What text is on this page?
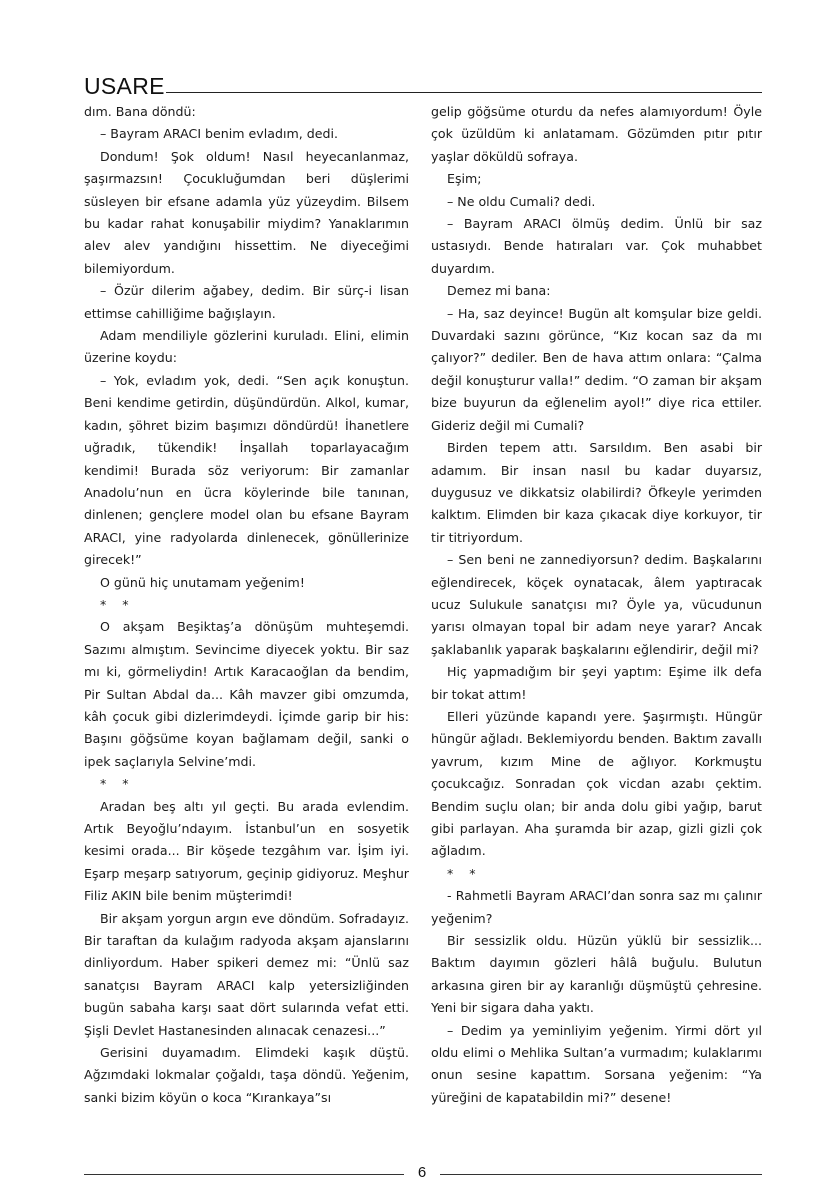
USARE

dım. Bana döndü:

– Bayram ARACI benim evladım, dedi.

Dondum! Şok oldum! Nasıl heyecanlanmaz, şaşırmazsın! Çocukluğumdan beri düşlerimi süsleyen bir efsane adamla yüz yüzeydim. Bilsem bu kadar rahat konuşabilir miydim? Yanaklarımın alev alev yandığını hissettim. Ne diyeceğimi bilemiyordum.

– Özür dilerim ağabey, dedim. Bir sürç-i lisan ettimse cahilliğime bağışlayın.

Adam mendiliyle gözlerini kuruladı. Elini, elimin üzerine koydu:

– Yok, evladım yok, dedi. “Sen açık konuştun. Beni kendime getirdin, düşündürdün. Alkol, kumar, kadın, şöhret bizim başımızı döndürdü! İhanetlere uğradık, tükendik! İnşallah toparlayacağım kendimi! Burada söz veriyorum: Bir zamanlar Anadolu’nun en ücra köylerinde bile tanınan, dinlenen; gençlere model olan bu efsane Bayram ARACI, yine radyolarda dinlenecek, gönüllerinize girecek!”

O günü hiç unutamam yeğenim!

* *

O akşam Beşiktaş’a dönüşüm muhteşemdi. Sazımı almıştım. Sevincime diyecek yoktu. Bir saz mı ki, görmeliydin! Artık Karacaoğlan da bendim, Pir Sultan Abdal da... Kâh mavzer gibi omzumda, kâh çocuk gibi dizlerimdeydi. İçimde garip bir his: Başını göğsüme koyan bağlamam değil, sanki o ipek saçlarıyla Selvine’mdi.

* *

Aradan beş altı yıl geçti. Bu arada evlendim. Artık Beyoğlu’ndayım. İstanbul’un en sosyetik kesimi orada... Bir köşede tezgâhım var. İşim iyi. Eşarp meşarp satıyorum, geçinip gidiyoruz. Meşhur Filiz AKIN bile benim müşterimdi!

Bir akşam yorgun argın eve döndüm. Sofradayız. Bir taraftan da kulağım radyoda akşam ajanslarını dinliyordum. Haber spikeri demez mi: “Ünlü saz sanatçısı Bayram ARACI kalp yetersizliğinden bugün sabaha karşı saat dört sularında vefat etti. Şişli Devlet Hastanesinden alınacak cenazesi...”

Gerisini duyamadım. Elimdeki kaşık düştü. Ağzımdaki lokmalar çoğaldı, taşa döndü. Yeğenim, sanki bizim köyün o koca “Kırankaya”sı

gelip göğsüme oturdu da nefes alamıyordum! Öyle çok üzüldüm ki anlatamam. Gözümden pıtır pıtır yaşlar döküldü sofraya.

Eşim;

– Ne oldu Cumali? dedi.

– Bayram ARACI ölmüş dedim. Ünlü bir saz ustasıydı. Bende hatıraları var. Çok muhabbet duyardım.

Demez mi bana:

– Ha, saz deyince! Bugün alt komşular bize geldi. Duvardaki sazını görünce, “Kız kocan saz da mı çalıyor?” dediler. Ben de hava attım onlara: “Çalma değil konuşturur valla!” dedim. “O zaman bir akşam bize buyurun da eğlenelim ayol!” diye rica ettiler. Gideriz değil mi Cumali?

Birden tepem attı. Sarsıldım. Ben asabi bir adamım. Bir insan nasıl bu kadar duyarsız, duygusuz ve dikkatsiz olabilirdi? Öfkeyle yerimden kalktım. Elimden bir kaza çıkacak diye korkuyor, tir tir titriyordum.

– Sen beni ne zannediyorsun? dedim. Başkalarını eğlendirecek, köçek oynatacak, âlem yaptıracak ucuz Sulukule sanatçısı mı? Öyle ya, vücudunun yarısı olmayan topal bir adam neye yarar? Ancak şaklabanlık yaparak başkalarını eğlendirir, değil mi?

Hiç yapmadığım bir şeyi yaptım: Eşime ilk defa bir tokat attım!

Elleri yüzünde kapandı yere. Şaşırmıştı. Hüngür hüngür ağladı. Beklemiyordu benden. Baktım zavallı yavrum, kızım Mine de ağlıyor. Korkmuştu çocukcağız. Sonradan çok vicdan azabı çektim. Bendim suçlu olan; bir anda dolu gibi yağıp, barut gibi parlayan. Aha şuramda bir azap, gizli gizli çok ağladım.

* *

- Rahmetli Bayram ARACI’dan sonra saz mı çalınır yeğenim?

Bir sessizlik oldu. Hüzün yüklü bir sessizlik... Baktım dayımın gözleri hâlâ buğulu. Bulutun arkasına giren bir ay karanlığı düşmüştü çehresine. Yeni bir sigara daha yaktı.

– Dedim ya yeminliyim yeğenim. Yirmi dört yıl oldu elimi o Mehlika Sultan’a vurmadım; kulaklarımı onun sesine kapattım. Sorsana yeğenim: “Ya yüreğini de kapatabildin mi?” desene!

6
